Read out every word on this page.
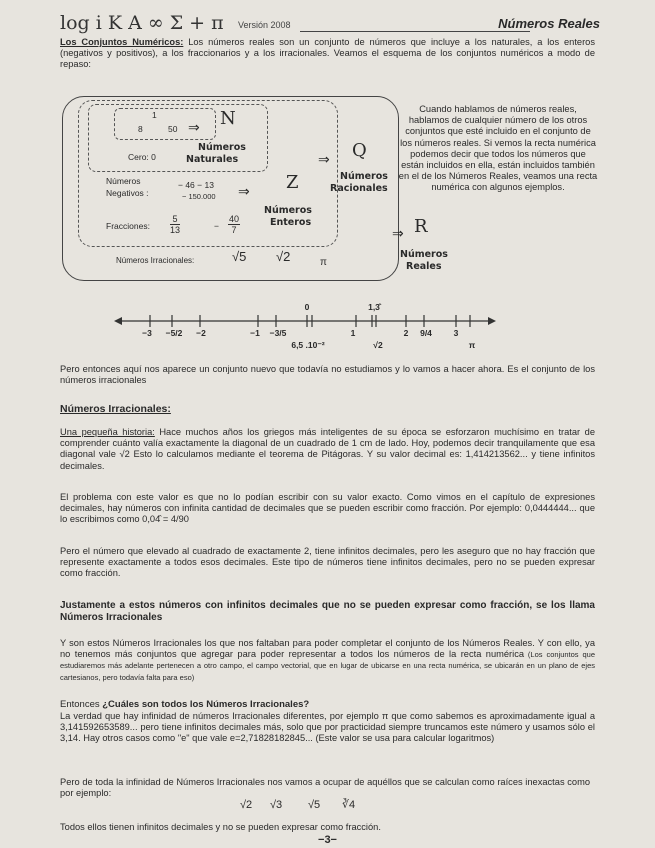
log i K A ∞ Σ + π Versión 2008	Números Reales

Los Conjuntos Numéricos: Los números reales son un conjunto de números que incluye a los naturales, a los enteros (negativos y positivos), a los fraccionarios y a los irracionales. Veamos el esquema de los conjuntos numéricos a modo de repaso:

1
8	50 ⇒ N
Números
Naturales
Cero: 0
Números
Negativos :
− 46 − 13
− 150.000 ⇒ Z
Números
Enteros
Fracciones: $\frac{5}{13}$	− $\frac{40}{7}$
⇒ Q
Números
Racionales
Números Irracionales:	√5 √2	π
⇒ R
Números
Reales
Cuando hablamos de números reales, hablamos de cualquier número de los otros conjuntos que esté incluido en el conjunto de los números reales. Si vemos la recta numérica podemos decir que todos los números que están incluidos en ella, están incluidos también en el de los Números Reales, veamos una recta numérica con algunos ejemplos.
0	1,3̂
−3 −5/2 −2	−1 −3/5
6,5 .10⁻²
1
√2
2 9/4	3
π

Pero entonces aquí nos aparece un conjunto nuevo que todavía no estudiamos y lo vamos a hacer ahora. Es el conjunto de los números irracionales

Números Irracionales:

Una pequeña historia: Hace muchos años los griegos más inteligentes de su época se esforzaron muchísimo en tratar de comprender cuánto valía exactamente la diagonal de un cuadrado de 1 cm de lado. Hoy, podemos decir tranquilamente que esa diagonal vale √2 Esto lo calculamos mediante el teorema de Pitágoras. Y su valor decimal es: 1,414213562... y tiene infinitos decimales.

El problema con este valor es que no lo podían escribir con su valor exacto. Como vimos en el capítulo de expresiones decimales, hay números con infinita cantidad de decimales que se pueden escribir como fracción. Por ejemplo: 0,0444444... que lo escribimos como 0,04̂ = 4/90

Pero el número que elevado al cuadrado de exactamente 2, tiene infinitos decimales, pero les aseguro que no hay fracción que represente exactamente a todos esos decimales. Este tipo de números tiene infinitos decimales, pero no se pueden expresar como fracción.

Justamente a estos números con infinitos decimales que no se pueden expresar como fracción, se los llama Números Irracionales

Y son estos Números Irracionales los que nos faltaban para poder completar el conjunto de los Números Reales. Y con ello, ya no tenemos más conjuntos que agregar para poder representar a todos los números de la recta numérica (Los conjuntos que estudiaremos más adelante pertenecen a otro campo, el campo vectorial, que en lugar de ubicarse en una recta numérica, se ubicarán en un plano de ejes cartesianos, pero todavía falta para eso)

Entonces ¿Cuáles son todos los Números Irracionales?

La verdad que hay infinidad de números Irracionales diferentes, por ejemplo π que como sabemos es aproximadamente igual a 3,141592653589... pero tiene infinitos decimales más, solo que por practicidad siempre truncamos este número y usamos sólo el 3,14. Hay otros casos como "e" que vale e=2,71828182845... (Este valor se usa para calcular logaritmos)

Pero de toda la infinidad de Números Irracionales nos vamos a ocupar de aquéllos que se calculan como raíces inexactas como por ejemplo:

√2 √3 √5 ∛4

Todos ellos tienen infinitos decimales y no se pueden expresar como fracción.

−3−
